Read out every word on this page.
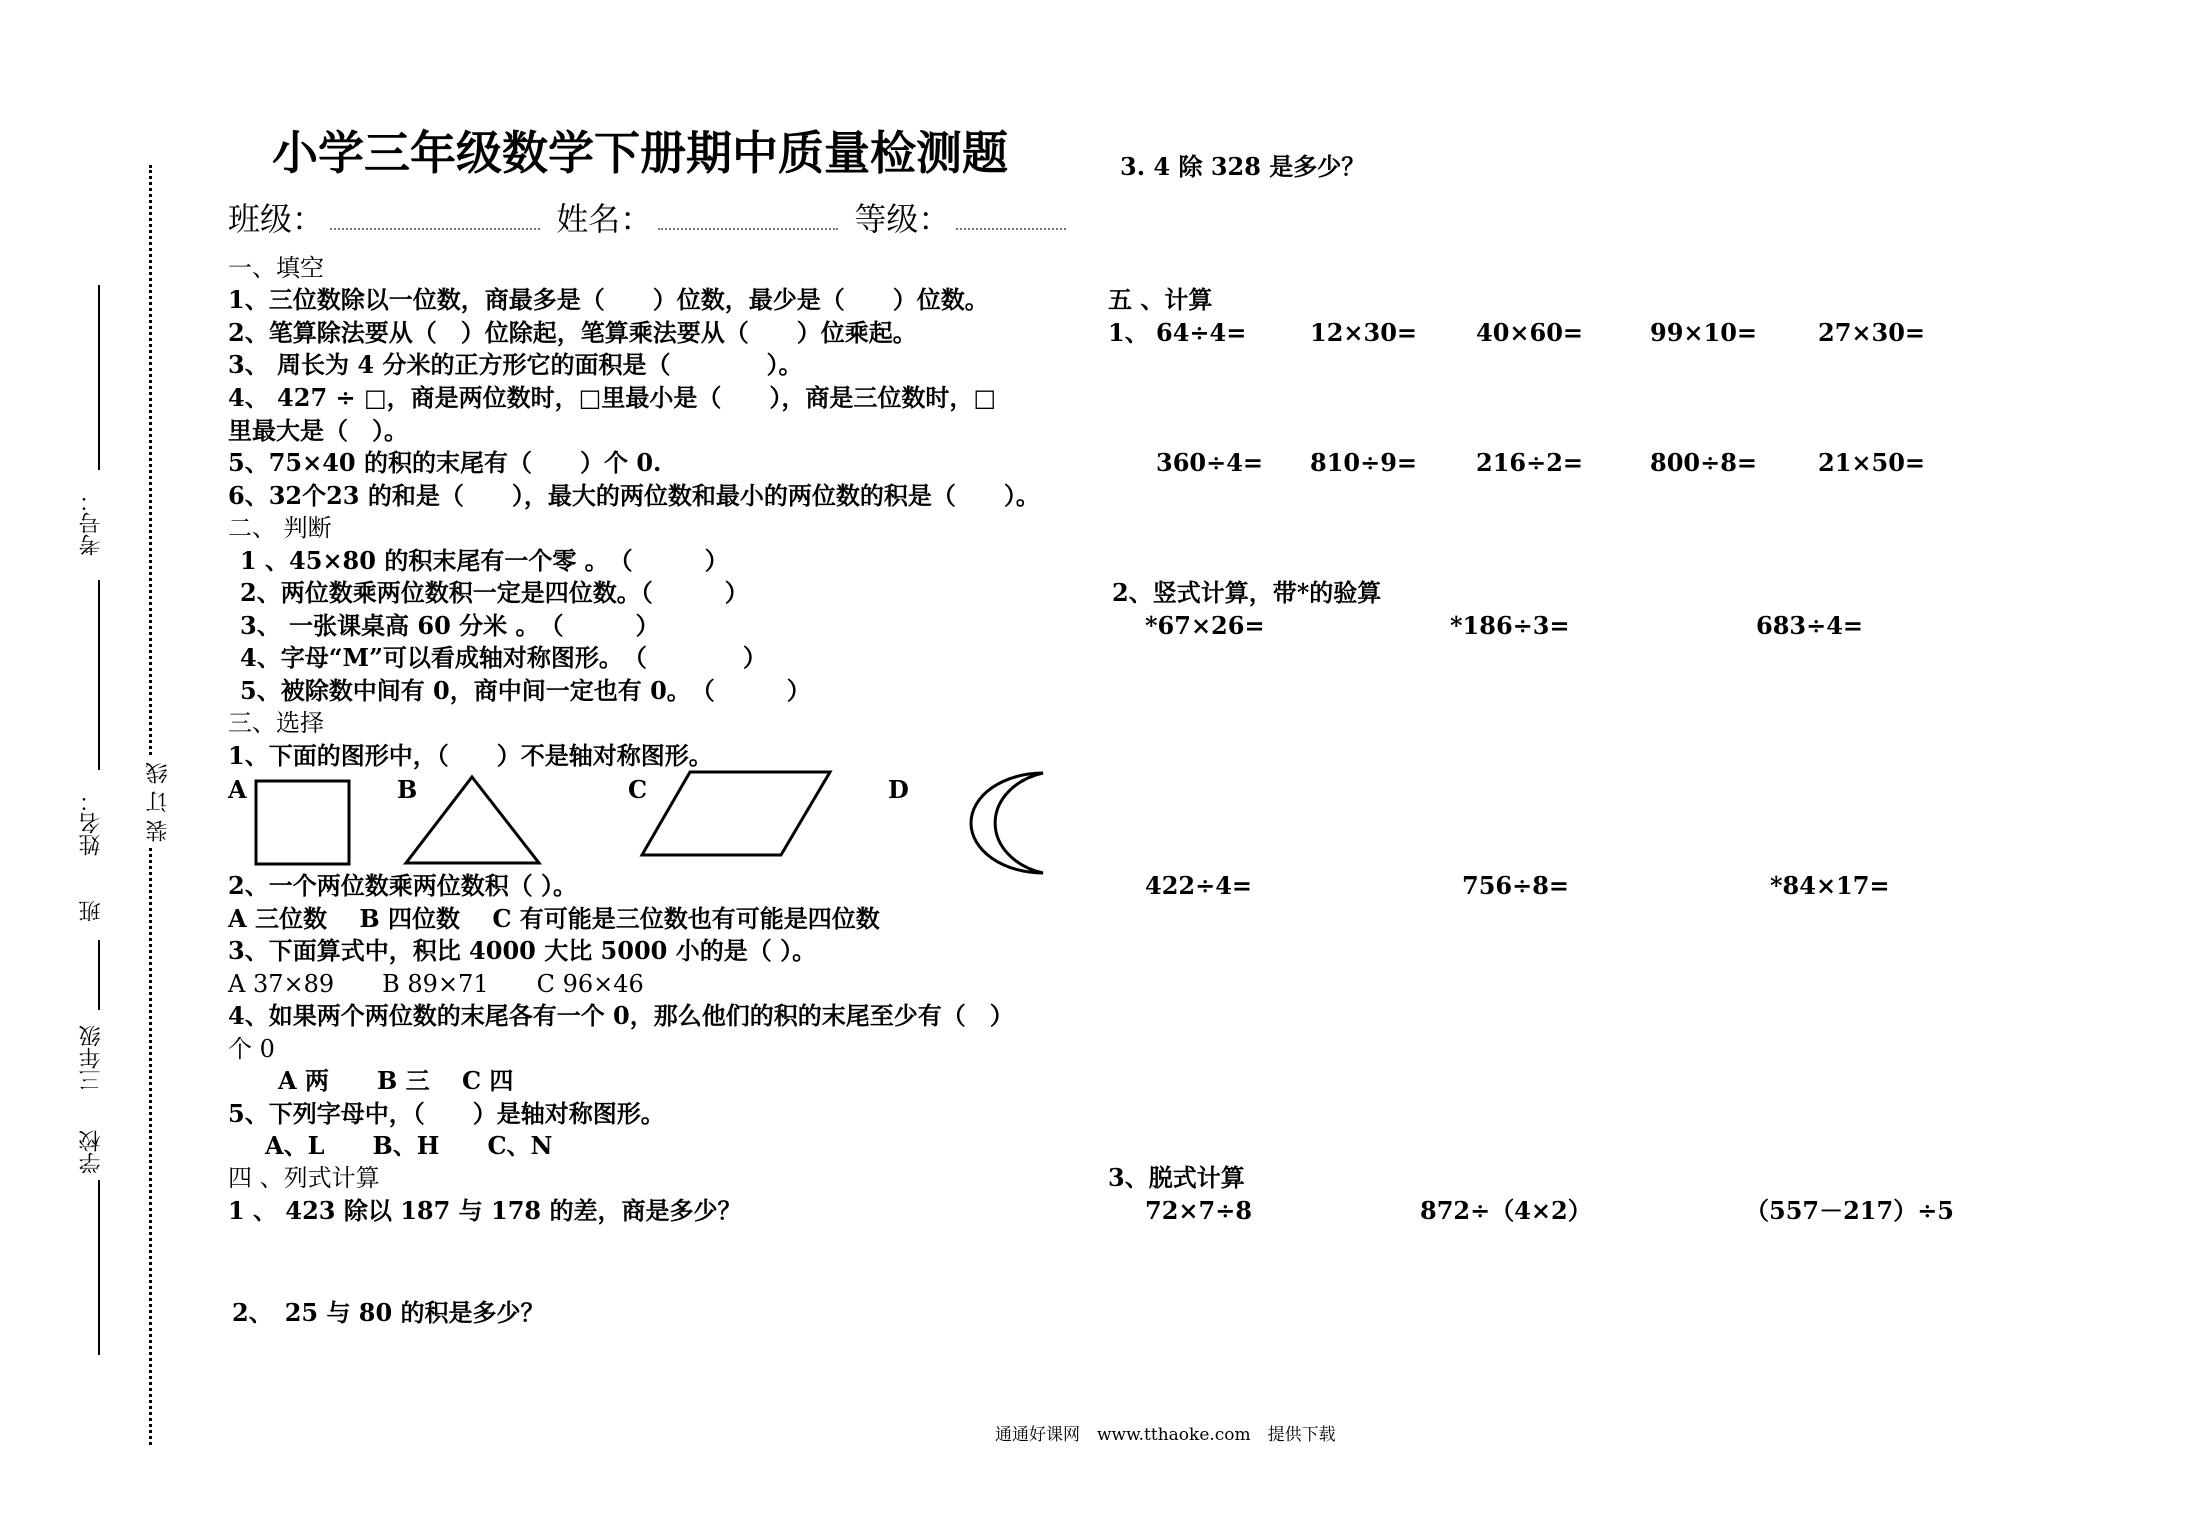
考号：
姓名：
班
三年级
学校
装 订 线
小学三年级数学下册期中质量检测题
班级：	姓名：	等级：
一、填空
1、三位数除以一位数，商最多是（　　）位数，最少是（　　）位数。
2、笔算除法要从（　）位除起，笔算乘法要从（　　）位乘起。
3、 周长为 4 分米的正方形它的面积是（　　　　）。
4、 427 ÷ □，商是两位数时，□里最小是（　　），商是三位数时，□
里最大是（　）。
5、75×40 的积的末尾有（　　）个 0.
6、32个23 的和是（　　），最大的两位数和最小的两位数的积是（　　）。
二、 判断
1 、45×80 的积末尾有一个零 。　（　　　）
2、两位数乘两位数积一定是四位数。（　　　）
3、 一张课桌高 60 分米 。　（　　　）
4、字母“M”可以看成轴对称图形。　（　　　　）
5、被除数中间有 0，商中间一定也有 0。　（　　　）
三、选择
1、下面的图形中，（　　）不是轴对称图形。
A	B	C	D
2、一个两位数乘两位数积（ ）。
A 三位数　 B 四位数　 C 有可能是三位数也有可能是四位数
3、下面算式中，积比 4000 大比 5000 小的是（ ）。
A 37×89　　B 89×71　　C 96×46
4、如果两个两位数的末尾各有一个 0，那么他们的积的末尾至少有（　）
个 0
A 两　　B 三　 C 四
5、下列字母中，（　　）是轴对称图形。
A、L　　B、H　　C、N
四 、列式计算
1 、 423 除以 187 与 178 的差，商是多少？
2、　25 与 80 的积是多少？
3. 4 除 328 是多少？
五 、计算
1、 64÷4=	12×30= 40×60=	99×10=	27×30=
360÷4= 810÷9= 216÷2=	800÷8=	21×50=
2、竖式计算，带*的验算
*67×26=	*186÷3=	683÷4=
422÷4=	756÷8=	*84×17=
3、脱式计算
72×7÷8	872÷（4×2）	（557－217）÷5
通通好课网　www.tthaoke.com　提供下载
